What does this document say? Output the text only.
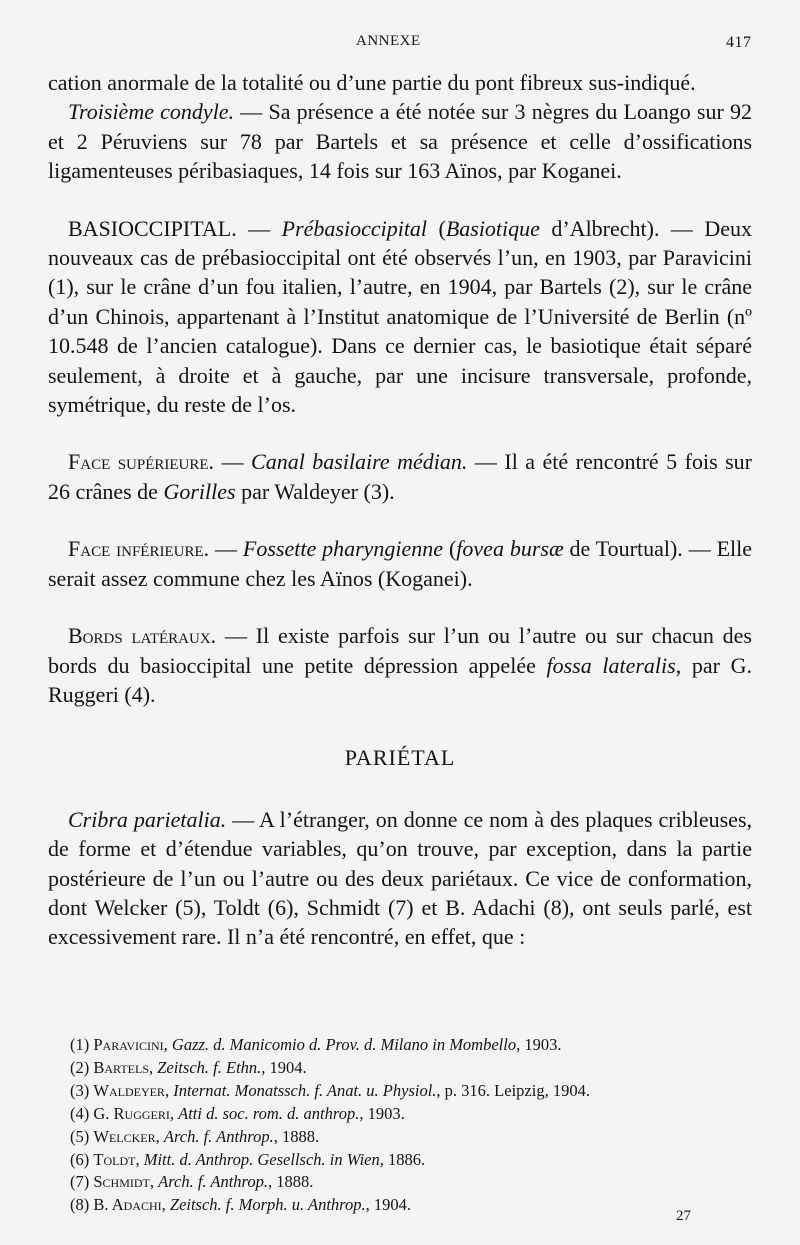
ANNEXE	417

cation anormale de la totalité ou d’une partie du pont fibreux sus-indiqué.

Troisième condyle. — Sa présence a été notée sur 3 nègres du Loango sur 92 et 2 Péruviens sur 78 par Bartels et sa présence et celle d’ossifications ligamenteuses péribasiaques, 14 fois sur 163 Aïnos, par Koganei.

BASIOCCIPITAL. — Prébasioccipital (Basiotique d’Albrecht). — Deux nouveaux cas de prébasioccipital ont été observés l’un, en 1903, par Paravicini (1), sur le crâne d’un fou italien, l’autre, en 1904, par Bartels (2), sur le crâne d’un Chinois, appartenant à l’Institut anatomique de l’Université de Berlin (nº 10.548 de l’ancien catalogue). Dans ce dernier cas, le basiotique était séparé seulement, à droite et à gauche, par une incisure transversale, profonde, symétrique, du reste de l’os.

Face supérieure. — Canal basilaire médian. — Il a été rencontré 5 fois sur 26 crânes de Gorilles par Waldeyer (3).

Face inférieure. — Fossette pharyngienne (fovea bursæ de Tourtual). — Elle serait assez commune chez les Aïnos (Koganei).

Bords latéraux. — Il existe parfois sur l’un ou l’autre ou sur chacun des bords du basioccipital une petite dépression appelée fossa lateralis, par G. Ruggeri (4).

PARIÉTAL

Cribra parietalia. — A l’étranger, on donne ce nom à des plaques cribleuses, de forme et d’étendue variables, qu’on trouve, par exception, dans la partie postérieure de l’un ou l’autre ou des deux pariétaux. Ce vice de conformation, dont Welcker (5), Toldt (6), Schmidt (7) et B. Adachi (8), ont seuls parlé, est excessivement rare. Il n’a été rencontré, en effet, que :

(1) Paravicini, Gazz. d. Manicomio d. Prov. d. Milano in Mombello, 1903.

(2) Bartels, Zeitsch. f. Ethn., 1904.

(3) Waldeyer, Internat. Monatssch. f. Anat. u. Physiol., p. 316. Leipzig, 1904.

(4) G. Ruggeri, Atti d. soc. rom. d. anthrop., 1903.

(5) Welcker, Arch. f. Anthrop., 1888.

(6) Toldt, Mitt. d. Anthrop. Gesellsch. in Wien, 1886.

(7) Schmidt, Arch. f. Anthrop., 1888.

(8) B. Adachi, Zeitsch. f. Morph. u. Anthrop., 1904.

27
